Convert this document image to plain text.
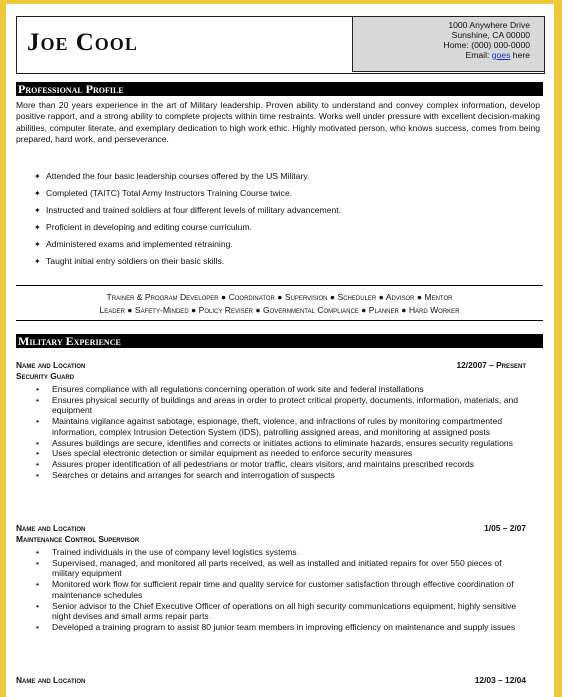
Joe Cool
1000 Anywhere Drive
Sunshine, CA 00000
Home: (000) 000-0000
Email: goes here
Professional Profile

More than 20 years experience in the art of Military leadership. Proven ability to understand and convey complex information, develop positive rapport, and a strong ability to complete projects within time restraints. Works well under pressure with excellent decision-making abilities, computer literate, and exemplary dedication to high work ethic. Highly motivated person, who knows success, comes from being prepared, hard work, and perseverance.

✦ Attended the four basic leadership courses offered by the US Military.
✦ Completed (TAITC) Total Army Instructors Training Course twice.
✦ Instructed and trained soldiers at four different levels of military advancement.
✦ Proficient in developing and editing course curriculum.
✦ Administered exams and implemented retraining.
✦ Taught initial entry soldiers on their basic skills.
Trainer & Program Developer ● Coordinator ● Supervision ● Scheduler ● Advisor ● Mentor
Leader ● Safety-Minded ● Policy Reviser ● Governmental Compliance ● Planner ● Hard Worker
Military Experience
Name and Location
Security Guard
12/2007 – Present
• Ensures compliance with all regulations concerning operation of work site and federal installations
• Ensures physical security of buildings and areas in order to protect critical property, documents, information, materials, and equipment
• Maintains vigilance against sabotage, espionage, theft, violence, and infractions of rules by monitoring compartmented information, complex Intrusion Detection System (IDS), patrolling assigned areas, and monitoring at assigned posts
• Assures buildings are secure, identifies and corrects or initiates actions to eliminate hazards, ensures security regulations
• Uses special electronic detection or similar equipment as needed to enforce security measures
• Assures proper identification of all pedestrians or motor traffic, clears visitors, and maintains prescribed records
• Searches or detains and arranges for search and interrogation of suspects
Name and Location
Maintenance Control Supervisor
1/05 – 2/07
• Trained individuals in the use of company level logistics systems
• Supervised, managed, and monitored all parts received, as well as installed and initiated repairs for over 550 pieces of military equipment
• Monitored work flow for sufficient repair time and quality service for customer satisfaction through effective coordination of maintenance schedules
• Senior advisor to the Chief Executive Officer of operations on all high security communications equipment, highly sensitive night devises and small arms repair parts
• Developed a training program to assist 80 junior team members in improving efficiency on maintenance and supply issues
Name and Location	12/03 – 12/04
